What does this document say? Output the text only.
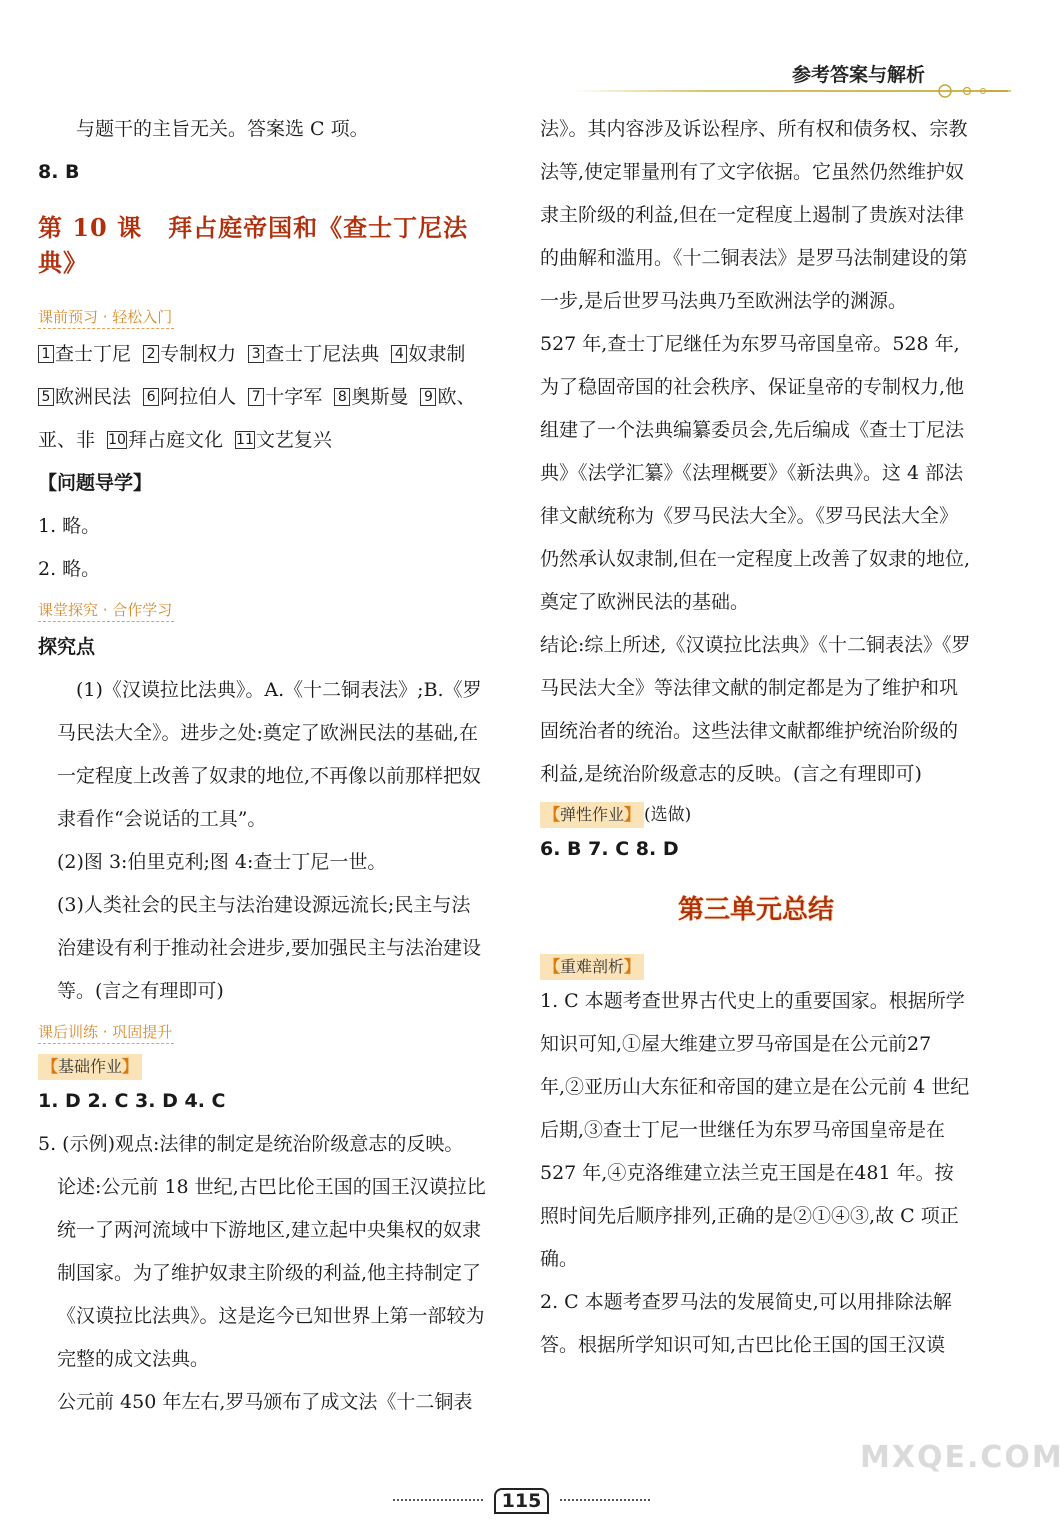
参考答案与解析

与题干的主旨无关。答案选 C 项。

8. B

第 10 课 拜占庭帝国和《查士丁尼法典》
课前预习 · 轻松入门

1 查士丁尼 2 专制权力 3 查士丁尼法典 4 奴隶制  5 欧洲民法 6 阿拉伯人 7 十字军 8 奥斯曼 9 欧、亚、非 10 拜占庭文化 11 文艺复兴

【问题导学】

1. 略。

2. 略。

课堂探究 · 合作学习

探究点

(1)《汉谟拉比法典》。A.《十二铜表法》;B.《罗马民法大全》。进步之处:奠定了欧洲民法的基础,在一定程度上改善了奴隶的地位,不再像以前那样把奴隶看作“会说话的工具”。

(2)图 3:伯里克利;图 4:查士丁尼一世。

(3)人类社会的民主与法治建设源远流长;民主与法治建设有利于推动社会进步,要加强民主与法治建设等。(言之有理即可)

课后训练 · 巩固提升
【基础作业】

1. D 2. C 3. D 4. C

5. (示例)观点:法律的制定是统治阶级意志的反映。

论述:公元前 18 世纪,古巴比伦王国的国王汉谟拉比统一了两河流域中下游地区,建立起中央集权的奴隶制国家。为了维护奴隶主阶级的利益,他主持制定了《汉谟拉比法典》。这是迄今已知世界上第一部较为完整的成文法典。

公元前 450 年左右,罗马颁布了成文法《十二铜表

法》。其内容涉及诉讼程序、所有权和债务权、宗教法等,使定罪量刑有了文字依据。它虽然仍然维护奴隶主阶级的利益,但在一定程度上遏制了贵族对法律的曲解和滥用。《十二铜表法》是罗马法制建设的第一步,是后世罗马法典乃至欧洲法学的渊源。

527 年,查士丁尼继任为东罗马帝国皇帝。528 年,为了稳固帝国的社会秩序、保证皇帝的专制权力,他组建了一个法典编纂委员会,先后编成《查士丁尼法典》《法学汇纂》《法理概要》《新法典》。这 4 部法律文献统称为《罗马民法大全》。《罗马民法大全》仍然承认奴隶制,但在一定程度上改善了奴隶的地位,奠定了欧洲民法的基础。

结论:综上所述,《汉谟拉比法典》《十二铜表法》《罗马民法大全》等法律文献的制定都是为了维护和巩固统治者的统治。这些法律文献都维护统治阶级的利益,是统治阶级意志的反映。(言之有理即可)

【弹性作业】 (选做)

6. B 7. C 8. D

第三单元总结
【重难剖析】

1. C 本题考查世界古代史上的重要国家。根据所学知识可知,①屋大维建立罗马帝国是在公元前27 年,②亚历山大东征和帝国的建立是在公元前 4 世纪后期,③查士丁尼一世继任为东罗马帝国皇帝是在527 年,④克洛维建立法兰克王国是在481 年。按照时间先后顺序排列,正确的是②①④③,故 C 项正确。

2. C 本题考查罗马法的发展简史,可以用排除法解答。根据所学知识可知,古巴比伦王国的国王汉谟

115
MXQE.COM
